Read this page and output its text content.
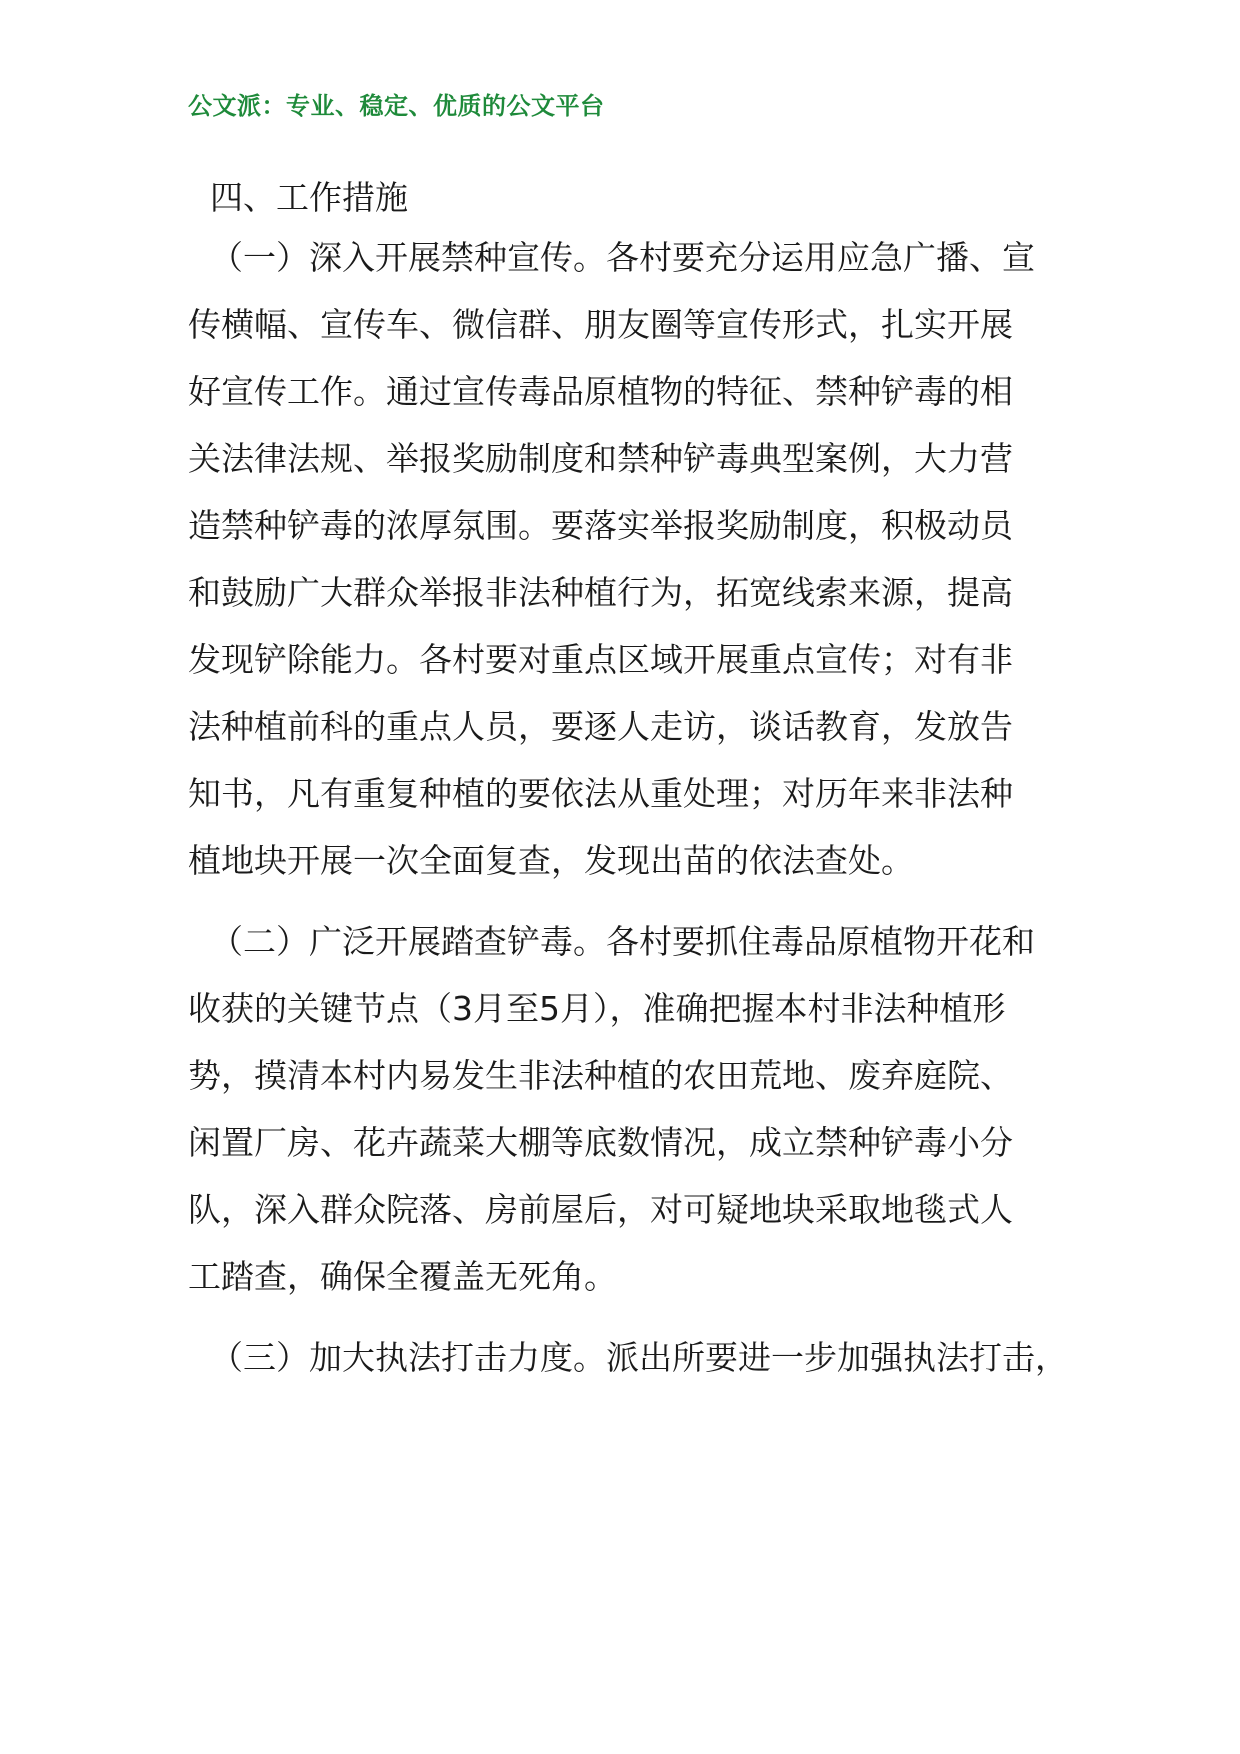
公文派：专业、稳定、优质的公文平台
四、工作措施
（一）深入开展禁种宣传。各村要充分运用应急广播、宣
传横幅、宣传车、微信群、朋友圈等宣传形式，扎实开展
好宣传工作。通过宣传毒品原植物的特征、禁种铲毒的相
关法律法规、举报奖励制度和禁种铲毒典型案例，大力营
造禁种铲毒的浓厚氛围。要落实举报奖励制度，积极动员
和鼓励广大群众举报非法种植行为，拓宽线索来源，提高
发现铲除能力。各村要对重点区域开展重点宣传；对有非
法种植前科的重点人员，要逐人走访，谈话教育，发放告
知书，凡有重复种植的要依法从重处理；对历年来非法种
植地块开展一次全面复查，发现出苗的依法查处。
（二）广泛开展踏查铲毒。各村要抓住毒品原植物开花和
收获的关键节点（3月至5月），准确把握本村非法种植形
势，摸清本村内易发生非法种植的农田荒地、废弃庭院、
闲置厂房、花卉蔬菜大棚等底数情况，成立禁种铲毒小分
队，深入群众院落、房前屋后，对可疑地块采取地毯式人
工踏查，确保全覆盖无死角。
（三）加大执法打击力度。派出所要进一步加强执法打击，
